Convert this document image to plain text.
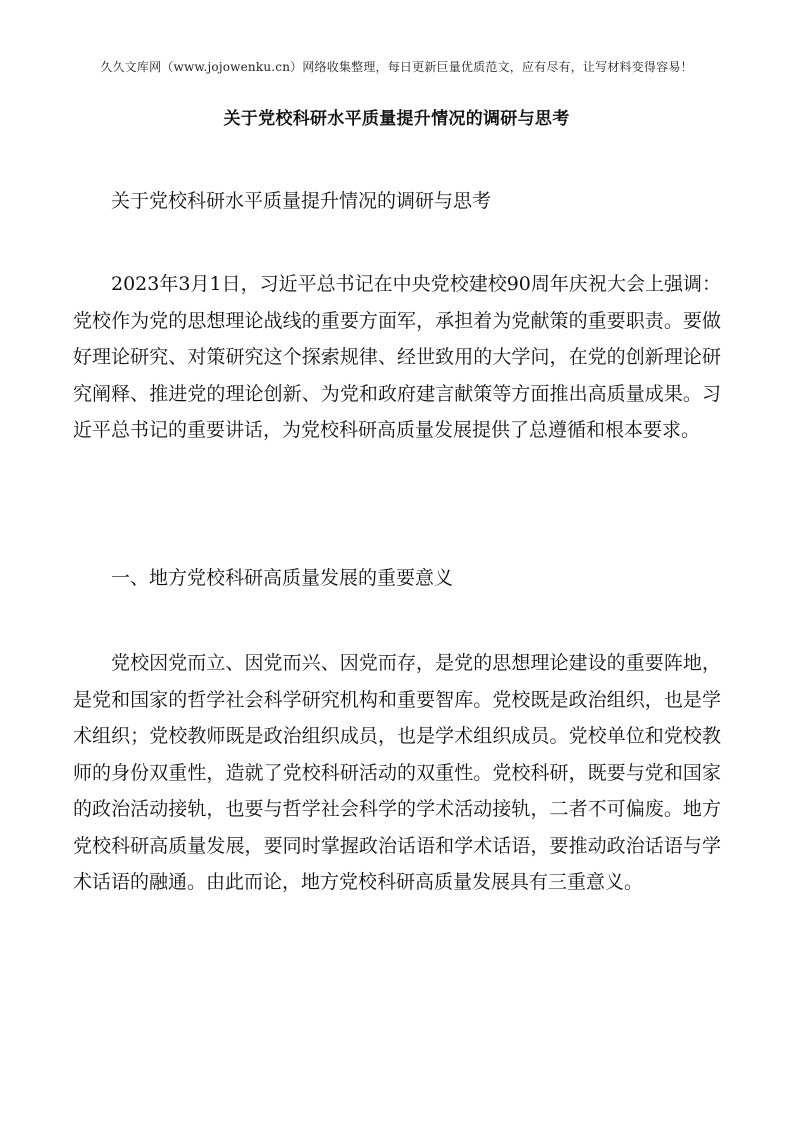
久久文库网（www.jojowenku.cn）网络收集整理，每日更新巨量优质范文，应有尽有，让写材料变得容易！
关于党校科研水平质量提升情况的调研与思考

关于党校科研水平质量提升情况的调研与思考

2023年3月1日，习近平总书记在中央党校建校90周年庆祝大会上强调：党校作为党的思想理论战线的重要方面军，承担着为党献策的重要职责。要做好理论研究、对策研究这个探索规律、经世致用的大学问，在党的创新理论研究阐释、推进党的理论创新、为党和政府建言献策等方面推出高质量成果。习近平总书记的重要讲话，为党校科研高质量发展提供了总遵循和根本要求。

一、地方党校科研高质量发展的重要意义

党校因党而立、因党而兴、因党而存，是党的思想理论建设的重要阵地，是党和国家的哲学社会科学研究机构和重要智库。党校既是政治组织，也是学术组织；党校教师既是政治组织成员，也是学术组织成员。党校单位和党校教师的身份双重性，造就了党校科研活动的双重性。党校科研，既要与党和国家的政治活动接轨，也要与哲学社会科学的学术活动接轨，二者不可偏废。地方党校科研高质量发展，要同时掌握政治话语和学术话语，要推动政治话语与学术话语的融通。由此而论，地方党校科研高质量发展具有三重意义。
